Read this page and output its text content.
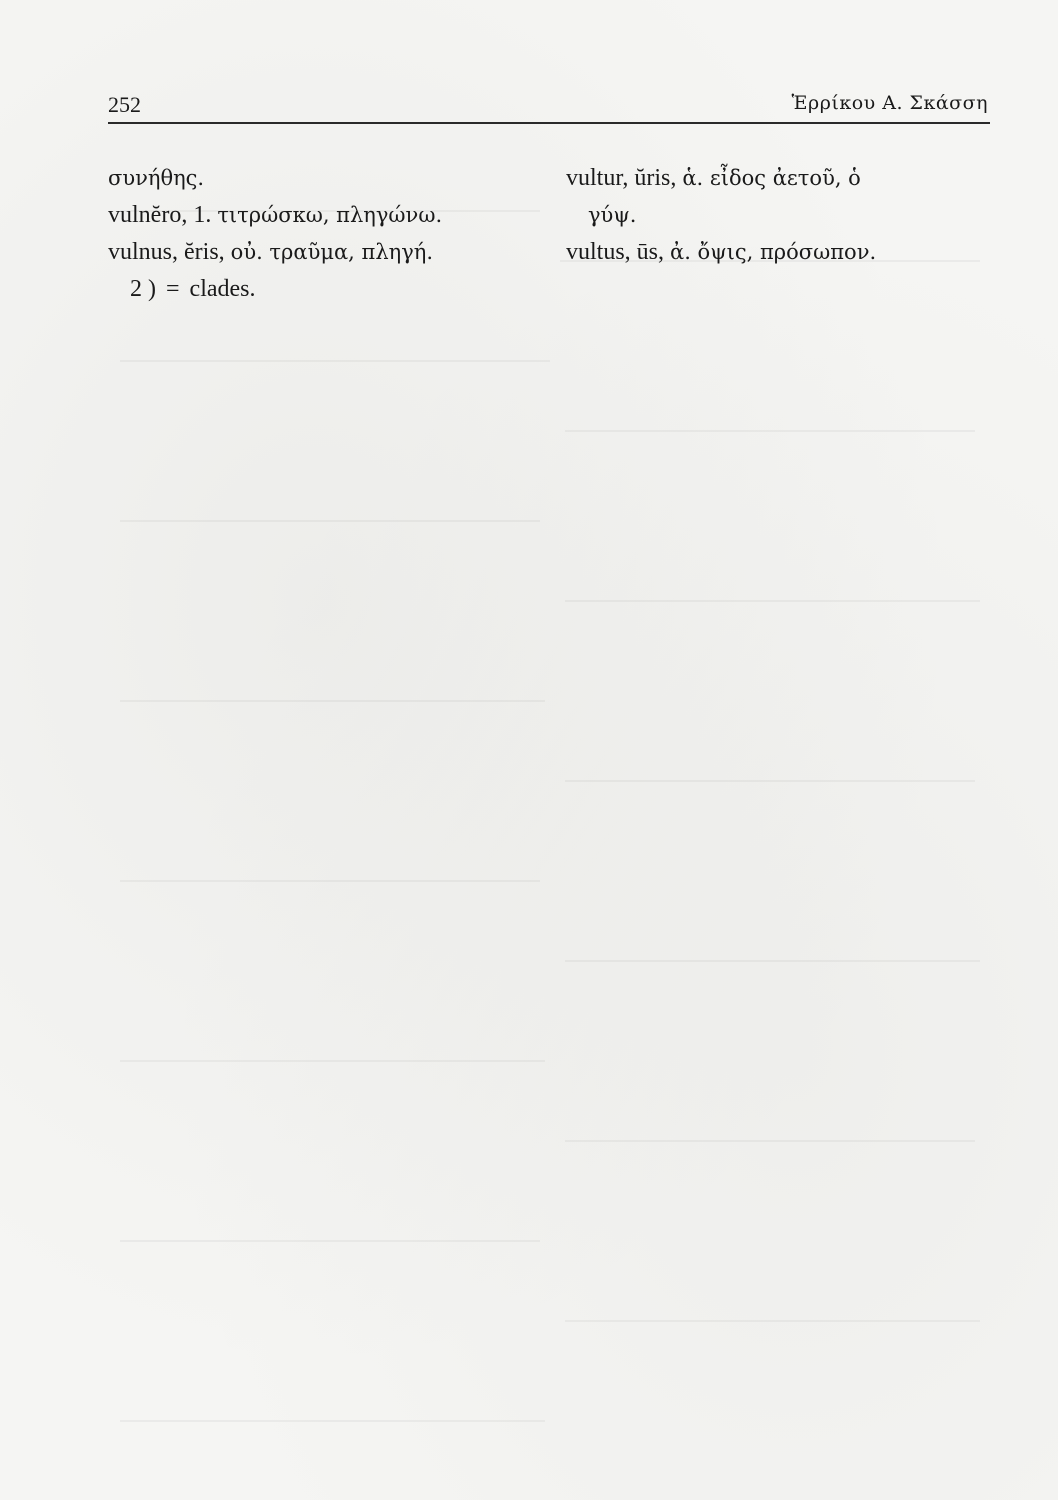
252	Ἑρρίκου Α. Σκάσση
συνήθης.
vulnĕro, 1. τιτρώσκω, πληγώνω.
vulnus, ĕris, οὐ. τραῦμα, πληγή.
2 ) = clades.
vultur, ŭris, ἁ. εἶδος ἀετοῦ, ὁ
γύψ.
vultus, ūs, ἀ. ὄψις, πρόσωπον.
